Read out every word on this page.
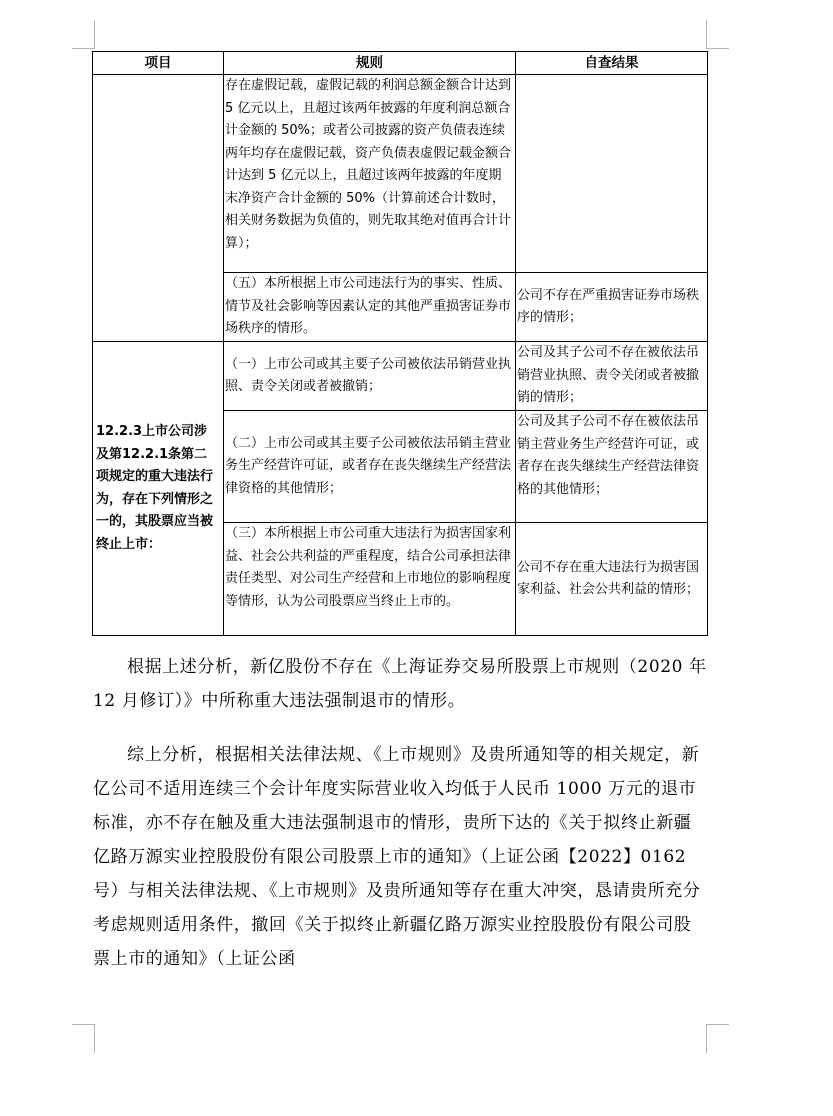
项目	规则	自查结果
	存在虚假记载，虚假记载的利润总额金额合计达到 5 亿元以上，且超过该两年披露的年度利润总额合计金额的 50%；或者公司披露的资产负债表连续两年均存在虚假记载，资产负债表虚假记载金额合计达到 5 亿元以上，且超过该两年披露的年度期末净资产合计金额的 50%（计算前述合计数时，相关财务数据为负值的，则先取其绝对值再合计计算）；	
	（五）本所根据上市公司违法行为的事实、性质、情节及社会影响等因素认定的其他严重损害证券市场秩序的情形。	公司不存在严重损害证券市场秩序的情形；
12.2.3上市公司涉及第12.2.1条第二项规定的重大违法行为，存在下列情形之一的，其股票应当被终止上市：	（一）上市公司或其主要子公司被依法吊销营业执照、责令关闭或者被撤销；	公司及其子公司不存在被依法吊销营业执照、责令关闭或者被撤销的情形；
	（二）上市公司或其主要子公司被依法吊销主营业务生产经营许可证，或者存在丧失继续生产经营法律资格的其他情形；	公司及其子公司不存在被依法吊销主营业务生产经营许可证，或者存在丧失继续生产经营法律资格的其他情形；
	（三）本所根据上市公司重大违法行为损害国家利益、社会公共利益的严重程度，结合公司承担法律责任类型、对公司生产经营和上市地位的影响程度等情形，认为公司股票应当终止上市的。	公司不存在重大违法行为损害国家利益、社会公共利益的情形；

根据上述分析，新亿股份不存在《上海证券交易所股票上市规则（2020 年 12 月修订）》中所称重大违法强制退市的情形。

综上分析，根据相关法律法规、《上市规则》及贵所通知等的相关规定，新亿公司不适用连续三个会计年度实际营业收入均低于人民币 1000 万元的退市标准，亦不存在触及重大违法强制退市的情形，贵所下达的《关于拟终止新疆亿路万源实业控股股份有限公司股票上市的通知》（上证公函【2022】0162 号）与相关法律法规、《上市规则》及贵所通知等存在重大冲突，恳请贵所充分考虑规则适用条件，撤回《关于拟终止新疆亿路万源实业控股股份有限公司股票上市的通知》（上证公函
